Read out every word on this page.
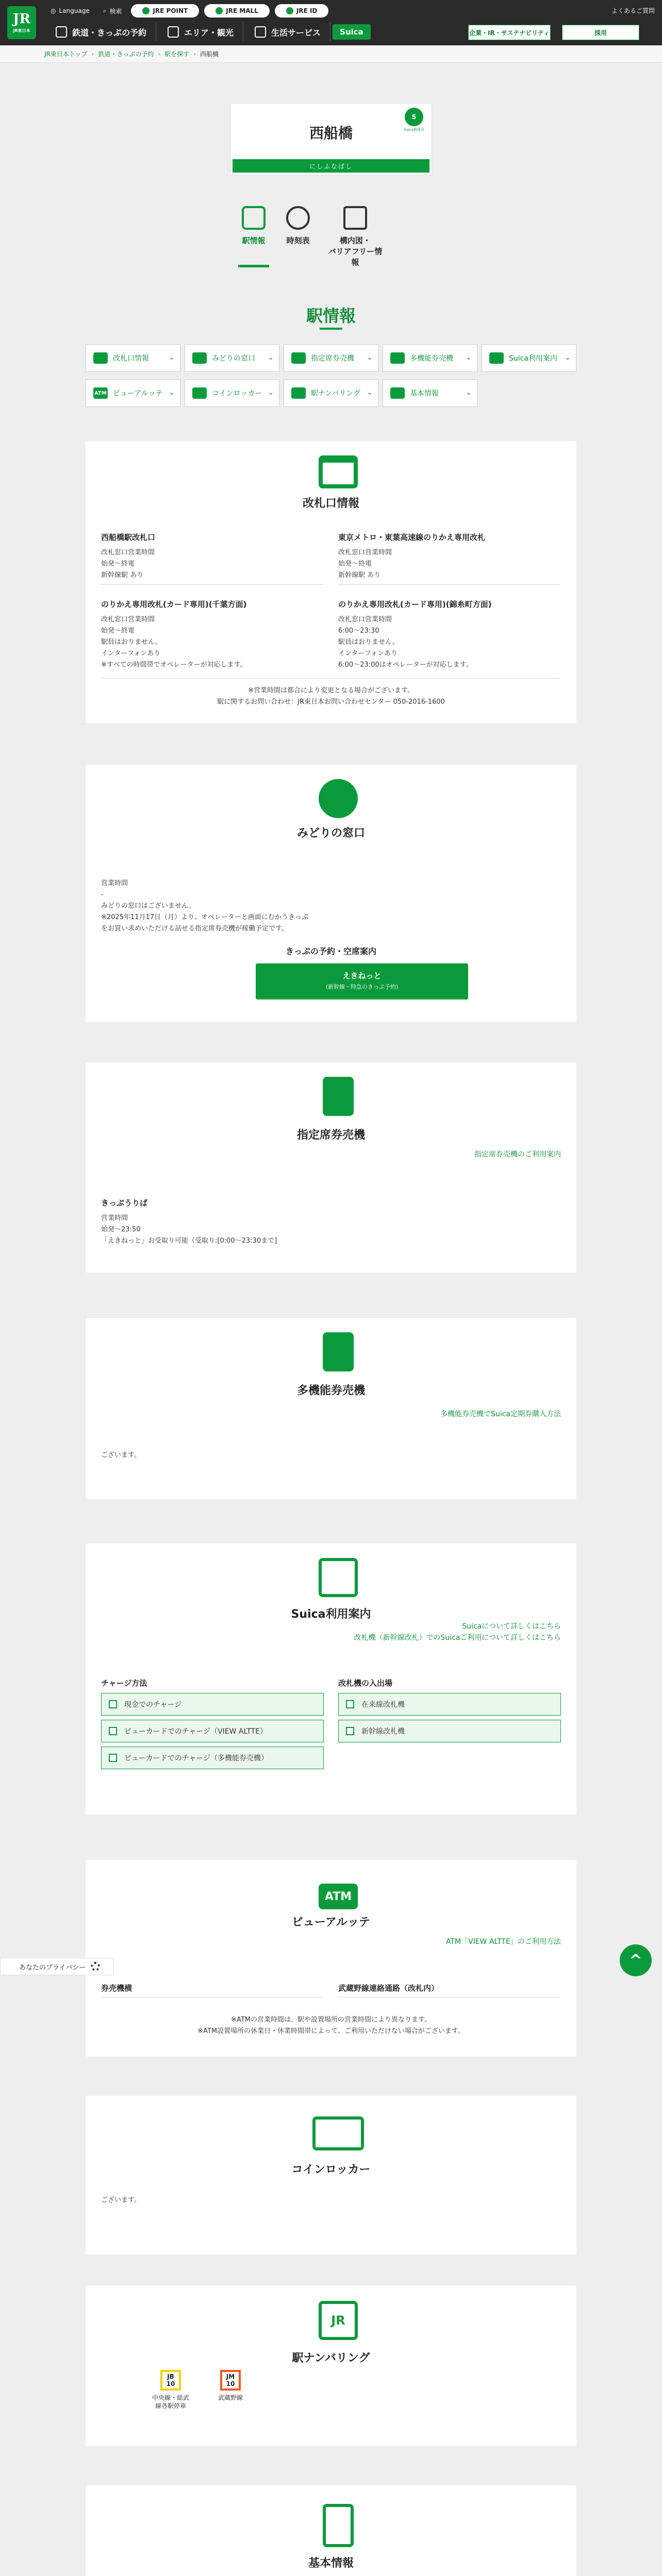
JR
JR東日本
◎ Language ⌕ 検索	JRE POINT	JRE MALL	JRE ID	よくあるご質問
鉄道・きっぷの予約	エリア・観光	生活サービス	Suica	企業・IR・サステナビリティ	採用
JR東日本トップ › 鉄道・きっぷの予約 › 駅を探す › 西船橋
西船橋
S
Suica利用可
にしふなばし
駅情報	時刻表	構内図・
バリアフリー情報
駅情報
改札口情報	⌄	みどりの窓口 ⌄	指定席券売機 ⌄	多機能券売機 ⌄	Suica利用案内 ⌄
ATM ビューアルッテ ⌄	コインロッカー ⌄	駅ナンバリング ⌄	基本情報	⌄
改札口情報
西船橋駅改札口
改札窓口営業時間
始発〜終電
新幹線駅 あり
東京メトロ・東葉高速線のりかえ専用改札
改札窓口営業時間
始発〜終電
新幹線駅 あり
のりかえ専用改札(カード専用)(千葉方面)
改札窓口営業時間
始発〜終電
駅員はおりません。
インターフォンあり
※すべての時間帯でオペレーターが対応します。
のりかえ専用改札(カード専用)(錦糸町方面)
改札窓口営業時間
6:00〜23:30
駅員はおりません。
インターフォンあり
6:00〜23:00はオペレーターが対応します。
※営業時間は都合により変更となる場合がございます。
駅に関するお問い合わせ：JR東日本お問い合わせセンター 050-2016-1600
みどりの窓口
営業時間
-
みどりの窓口はございません。
※2025年11月17日（月）より、オペレーターと画面にむかうきっぷ
をお買い求めいただける話せる指定席券売機が稼働予定です。
きっぷの予約・空席案内
えきねっと
(新幹線・特急のきっぷ予約)
指定席券売機
指定席券売機のご利用案内
きっぷうりば
営業時間
始発〜23:50
「えきねっと」お受取り可能（受取り:[0:00〜23:30まで]
多機能券売機
多機能券売機でSuica定期券購入方法
ございます。
Suica利用案内
Suicaについて詳しくはこちら
改札機（新幹線改札）でのSuicaご利用について詳しくはこちら
チャージ方法
現金でのチャージ
ビューカードでのチャージ（VIEW ALTTE）
ビューカードでのチャージ（多機能券売機）
改札機の入出場
在来線改札機
新幹線改札機
ATM
ビューアルッテ
ATM「VIEW ALTTE」のご利用方法
券売機横	武蔵野線連絡通路（改札内）
※ATMの営業時間は、駅や設置場所の営業時間により異なります。
※ATM設置場所の休業日・休業時間帯によって、ご利用いただけない場合がございます。
コインロッカー
ございます。
JR
駅ナンバリング
JB
10
中央線・総武
線各駅停車
JM
10
武蔵野線
基本情報
あなたのプライバシー	^
